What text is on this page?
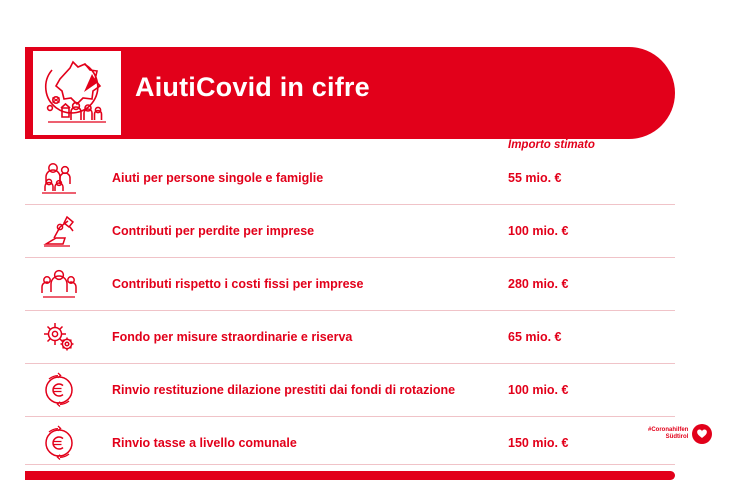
AiutiCovid in cifre
Importo stimato
Aiuti per persone singole e famiglie	55 mio. €
Contributi per perdite per imprese	100 mio. €
Contributi rispetto i costi fissi per imprese	280 mio. €
Fondo per misure straordinarie e riserva	65 mio. €
Rinvio restituzione dilazione prestiti dai fondi di rotazione	100 mio. €
Rinvio tasse a livello comunale	150 mio. €
#Coronahilfen
Südtirol
